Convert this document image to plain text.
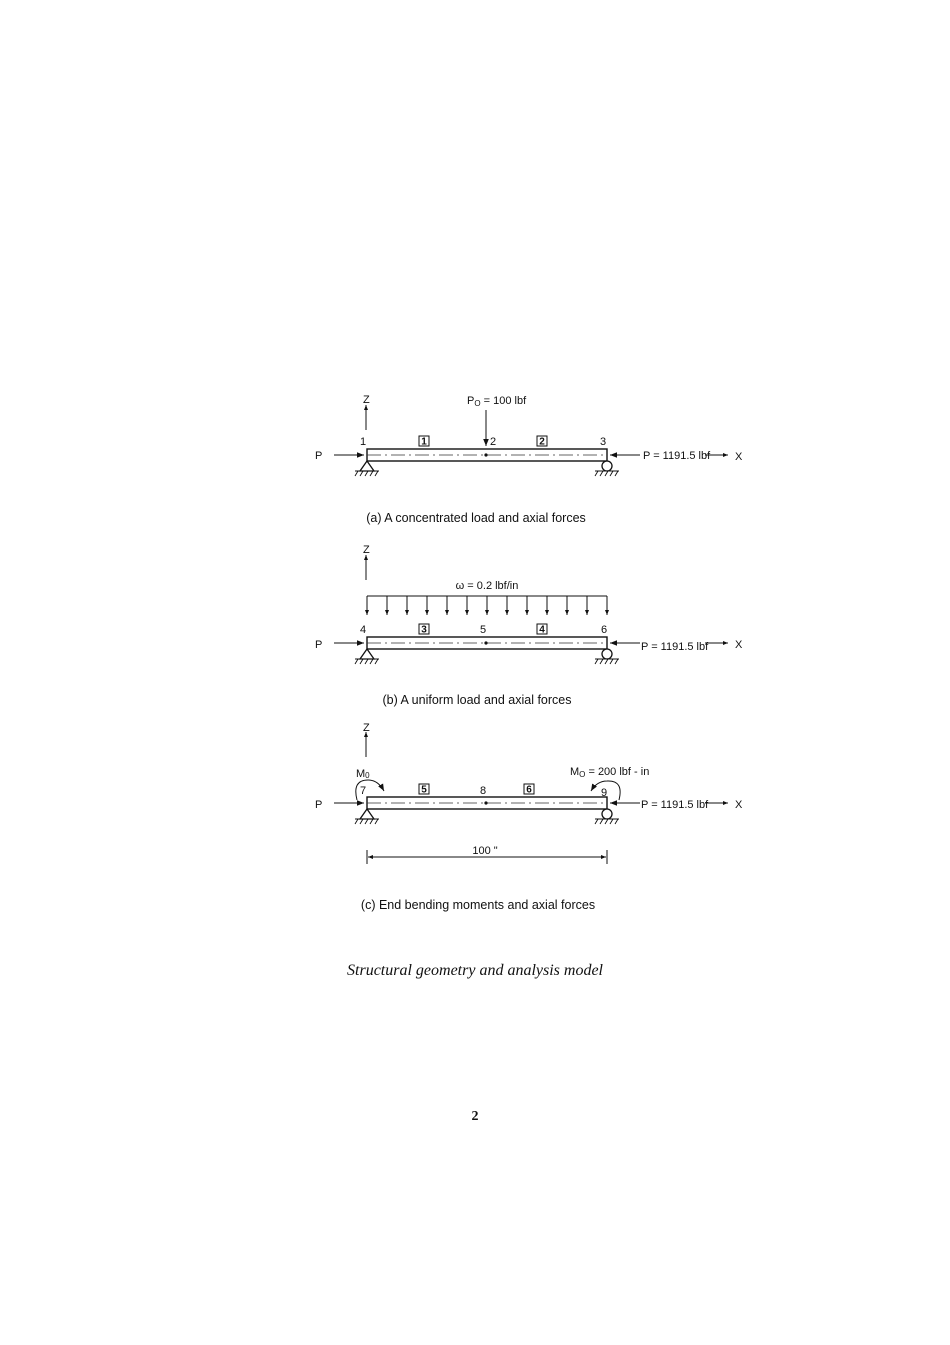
Z	PO = 100 lbf
1	2	3
1	2
P	P = 1191.5 lbf X
(a) A concentrated load and axial forces
Z
ω = 0.2 lbf/in
4	5	6
3	4
P	P = 1191.5 lbf X
(b) A uniform load and axial forces
Z
M0	MO = 200 lbf - in
7	8	9
5	6
P	P = 1191.5 lbf X
100 "
(c) End bending moments and axial forces
Structural geometry and analysis model
2
